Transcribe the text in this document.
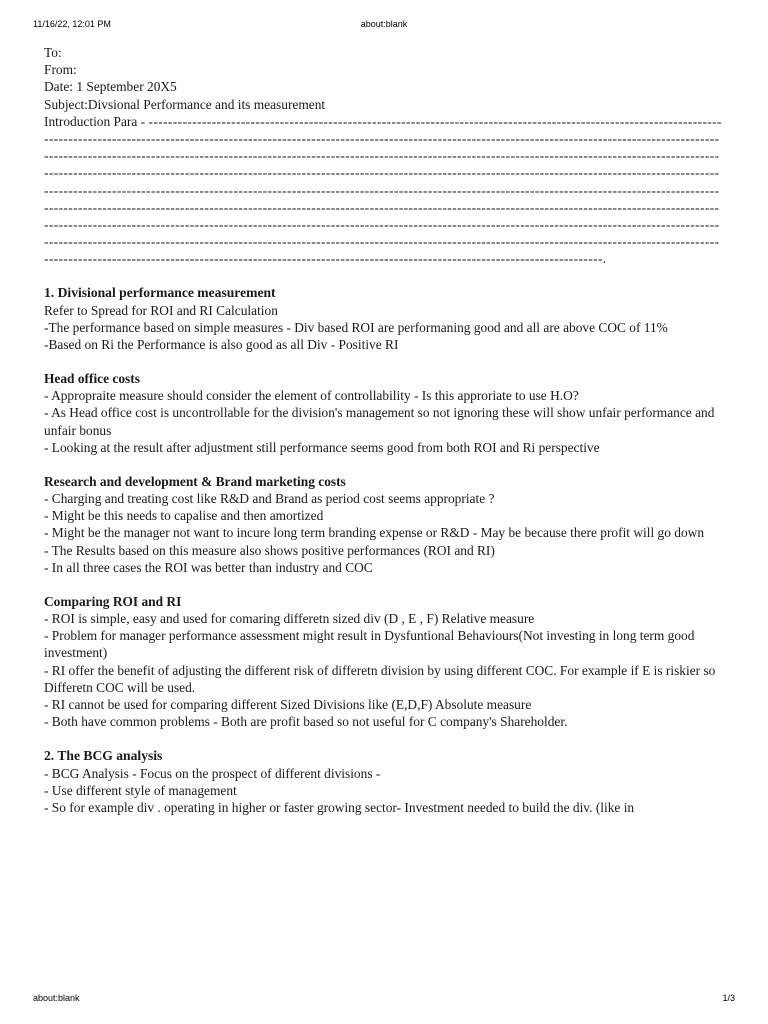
11/16/22, 12:01 PM	about:blank
To:
From:
Date: 1 September 20X5
Subject:Divsional Performance and its measurement

Introduction Para - ------------------------------------------------------------------------------------------------------------------------------------------------------------------------------------------------------------------------------------------------------------------------------------------------------------------------------------------------------------------------------------------------------------------------------------------------------------------------------------------------------------------------------------------------------------------------------------------------------------------------------------------------------------------------------------------------------------------------------------------------------------------------------------------------------------------------------------------------------------------------------------------------------------------------------------------------------------------------------------------------------------------------------------------------------------------------------------------------------------------------------------------------------------------------------------------------------------------------------------------------------.

1. Divisional performance measurement

Refer to Spread for ROI and RI Calculation

-The performance based on simple measures - Div based ROI are performaning good and all are above COC of 11%

-Based on Ri the Performance is also good as all Div - Positive RI

Head office costs

- Appropraite measure should consider the element of controllability - Is this approriate to use H.O?

- As Head office cost is uncontrollable for the division's management so not ignoring these will show unfair performance and unfair bonus

- Looking at the result after adjustment still performance seems good from both ROI and Ri perspective

Research and development & Brand marketing costs

- Charging and treating cost like R&D and Brand as period cost seems appropriate ?

- Might be this needs to capalise and then amortized

- Might be the manager not want to incure long term branding expense or R&D - May be because there profit will go down

- The Results based on this measure also shows positive performances (ROI and RI)

- In all three cases the ROI was better than industry and COC

Comparing ROI and RI

- ROI is simple, easy and used for comaring differetn sized div (D , E , F) Relative measure

- Problem for manager performance assessment might result in Dysfuntional Behaviours(Not investing in long term good investment)

- RI offer the benefit of adjusting the different risk of differetn division by using different COC. For example if E is riskier so Differetn COC will be used.

- RI cannot be used for comparing different Sized Divisions like (E,D,F) Absolute measure

- Both have common problems - Both are profit based so not useful for C company's Shareholder.

2. The BCG analysis

- BCG Analysis - Focus on the prospect of different divisions -

- Use different style of management

- So for example div . operating in higher or faster growing sector- Investment needed to build the div. (like in

about:blank	1/3
